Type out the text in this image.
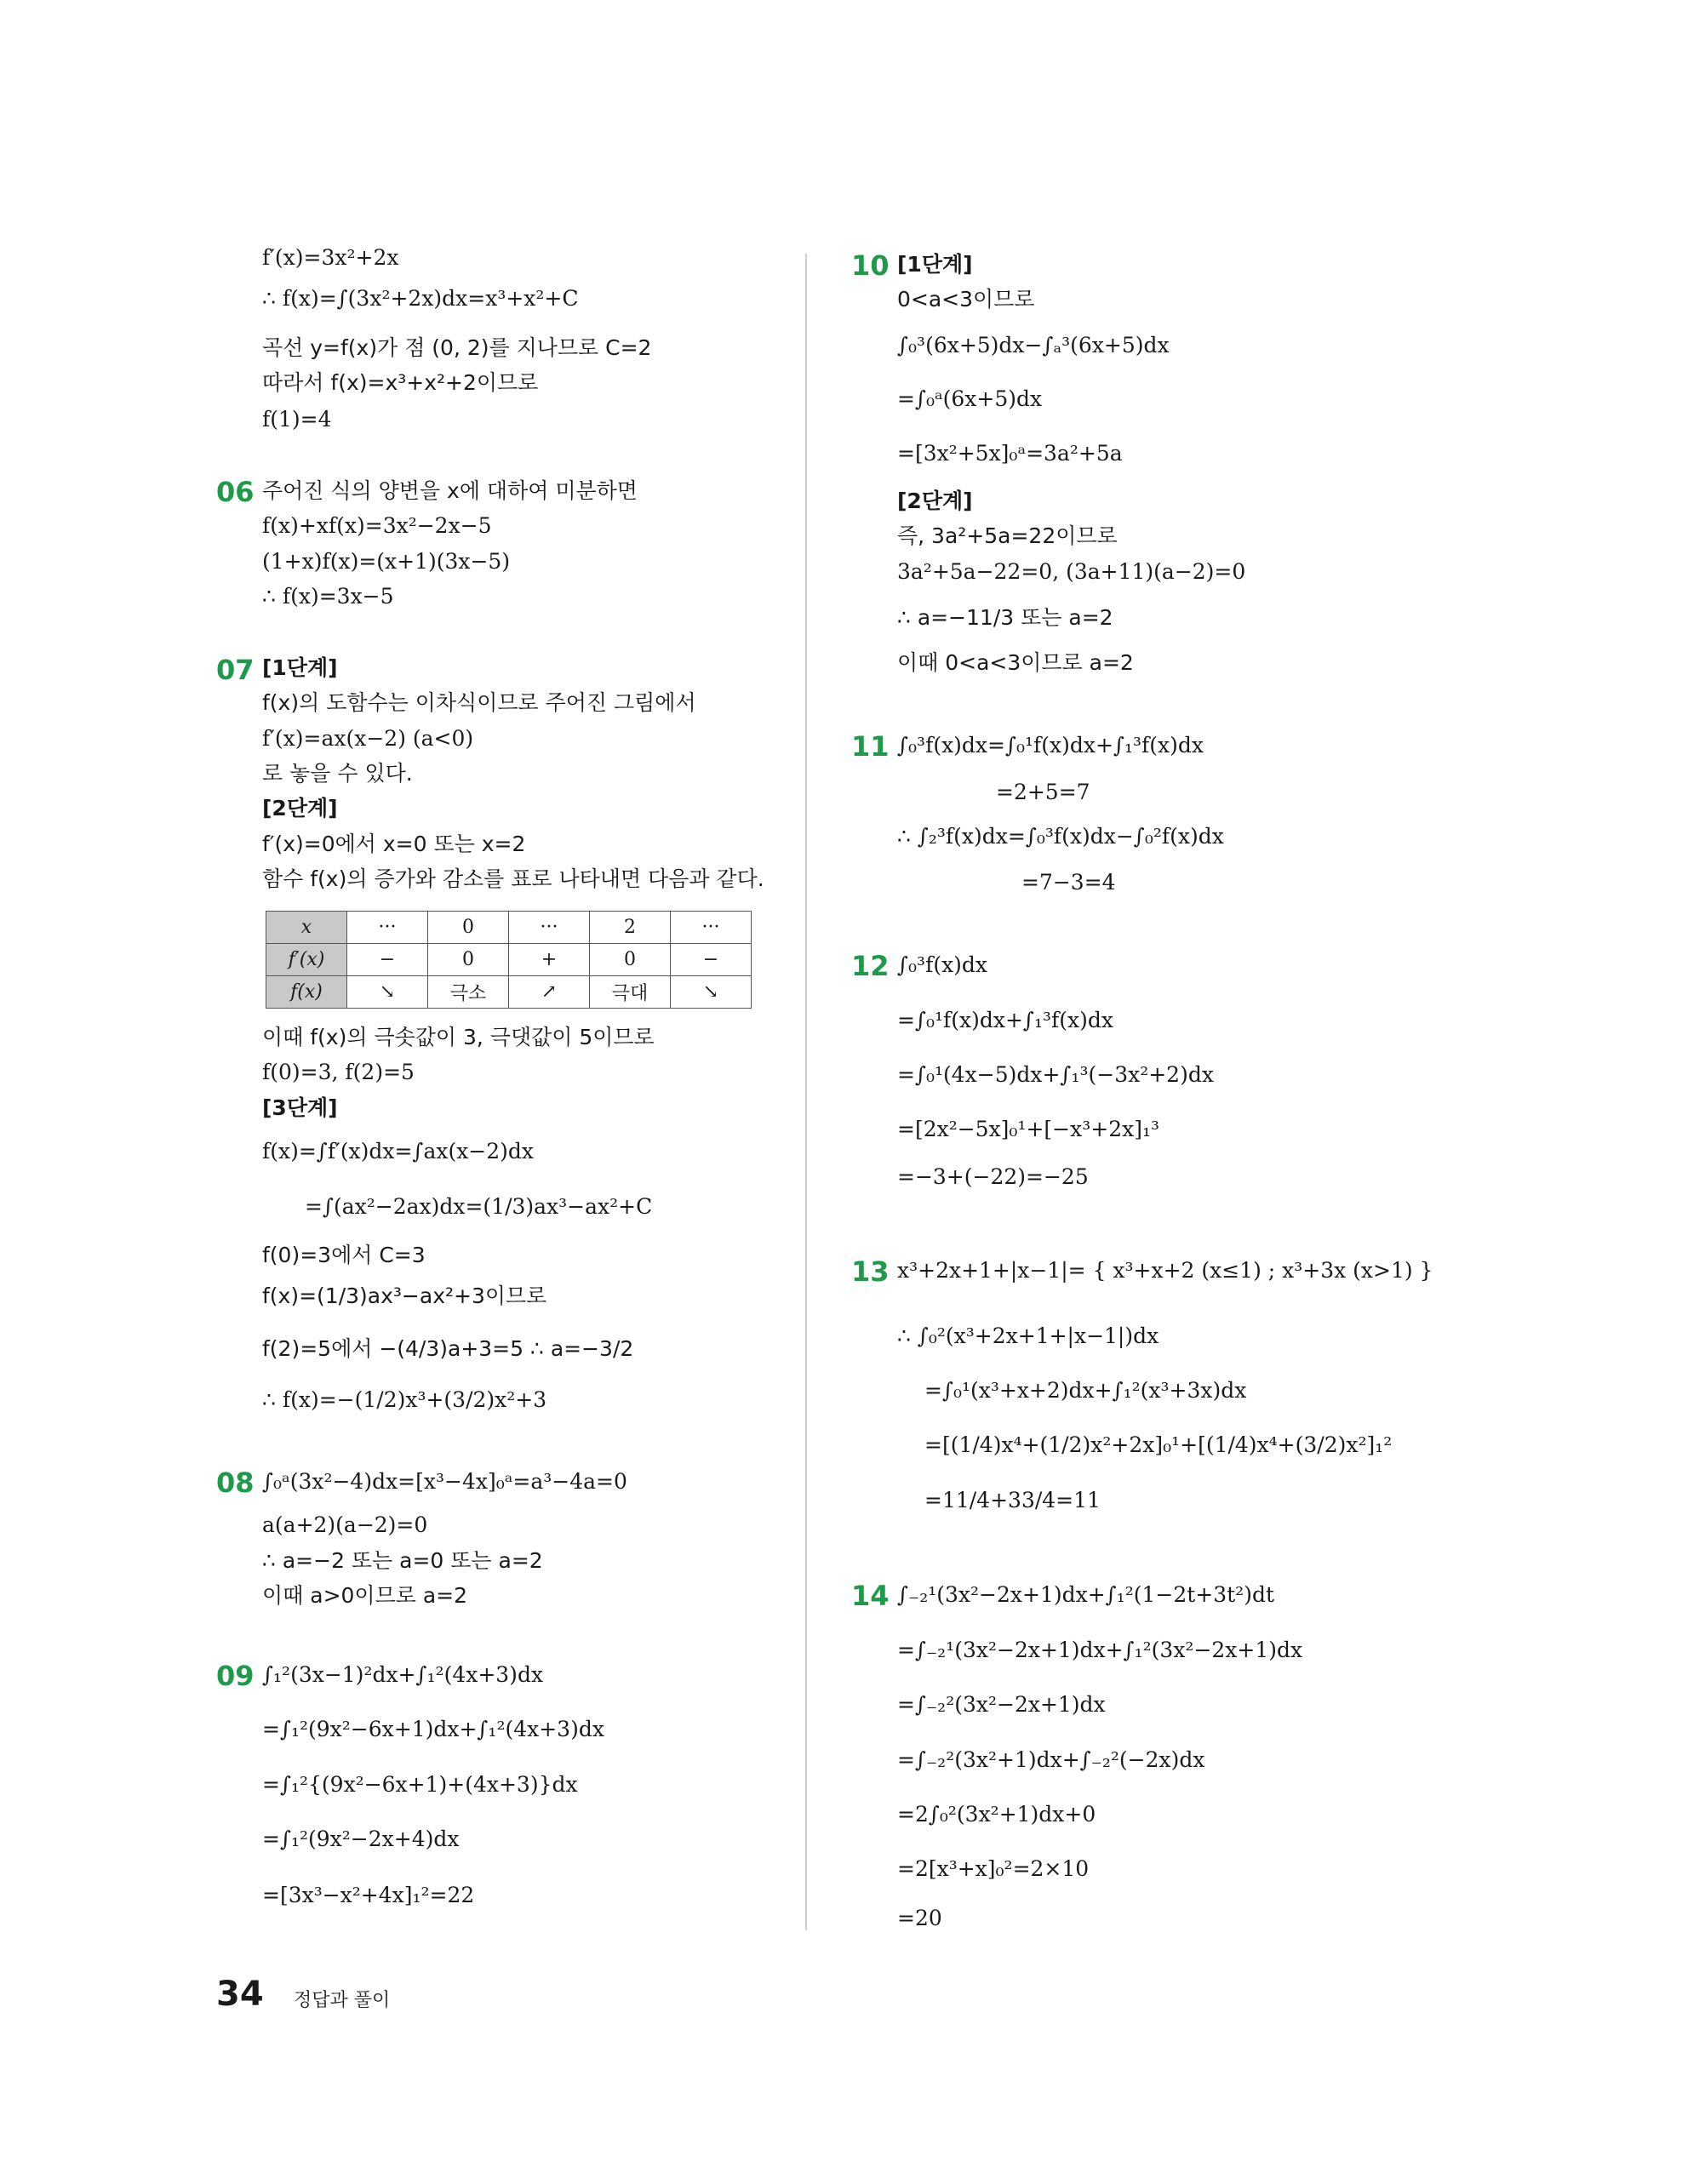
f′(x)=3x²+2x
∴ f(x)=∫(3x²+2x)dx=x³+x²+C
곡선 y=f(x)가 점 (0, 2)를 지나므로 C=2
따라서 f(x)=x³+x²+2이므로
f(1)=4
06 주어진 식의 양변을 x에 대하여 미분하면
f(x)+xf(x)=3x²−2x−5
(1+x)f(x)=(x+1)(3x−5)
∴ f(x)=3x−5
07 [1단계]
f(x)의 도함수는 이차식이므로 주어진 그림에서
f′(x)=ax(x−2) (a<0)
로 놓을 수 있다.
[2단계]
f′(x)=0에서 x=0 또는 x=2
함수 f(x)의 증가와 감소를 표로 나타내면 다음과 같다.
x	···	0	···	2	···
f′(x)	−	0	+	0	−
f(x)	↘	극소	↗	극대	↘
이때 f(x)의 극솟값이 3, 극댓값이 5이므로
f(0)=3, f(2)=5
[3단계]
f(x)=∫f′(x)dx=∫ax(x−2)dx
=∫(ax²−2ax)dx=(1/3)ax³−ax²+C
f(0)=3에서 C=3
f(x)=(1/3)ax³−ax²+3이므로
f(2)=5에서 −(4/3)a+3=5 ∴ a=−3/2
∴ f(x)=−(1/2)x³+(3/2)x²+3
08 ∫₀ᵃ(3x²−4)dx=[x³−4x]₀ᵃ=a³−4a=0
a(a+2)(a−2)=0
∴ a=−2 또는 a=0 또는 a=2
이때 a>0이므로 a=2
09 ∫₁²(3x−1)²dx+∫₁²(4x+3)dx
=∫₁²(9x²−6x+1)dx+∫₁²(4x+3)dx
=∫₁²{(9x²−6x+1)+(4x+3)}dx
=∫₁²(9x²−2x+4)dx
=[3x³−x²+4x]₁²=22
10 [1단계]
0<a<3이므로
∫₀³(6x+5)dx−∫ₐ³(6x+5)dx
=∫₀ᵃ(6x+5)dx
=[3x²+5x]₀ᵃ=3a²+5a
[2단계]
즉, 3a²+5a=22이므로
3a²+5a−22=0, (3a+11)(a−2)=0
∴ a=−11/3 또는 a=2
이때 0<a<3이므로 a=2
11 ∫₀³f(x)dx=∫₀¹f(x)dx+∫₁³f(x)dx
=2+5=7
∴ ∫₂³f(x)dx=∫₀³f(x)dx−∫₀²f(x)dx
=7−3=4
12 ∫₀³f(x)dx
=∫₀¹f(x)dx+∫₁³f(x)dx
=∫₀¹(4x−5)dx+∫₁³(−3x²+2)dx
=[2x²−5x]₀¹+[−x³+2x]₁³
=−3+(−22)=−25
13 x³+2x+1+|x−1|= { x³+x+2 (x≤1) ; x³+3x (x>1) }
∴ ∫₀²(x³+2x+1+|x−1|)dx
=∫₀¹(x³+x+2)dx+∫₁²(x³+3x)dx
=[(1/4)x⁴+(1/2)x²+2x]₀¹+[(1/4)x⁴+(3/2)x²]₁²
=11/4+33/4=11
14 ∫₋₂¹(3x²−2x+1)dx+∫₁²(1−2t+3t²)dt
=∫₋₂¹(3x²−2x+1)dx+∫₁²(3x²−2x+1)dx
=∫₋₂²(3x²−2x+1)dx
=∫₋₂²(3x²+1)dx+∫₋₂²(−2x)dx
=2∫₀²(3x²+1)dx+0
=2[x³+x]₀²=2×10
=20
34 정답과 풀이
